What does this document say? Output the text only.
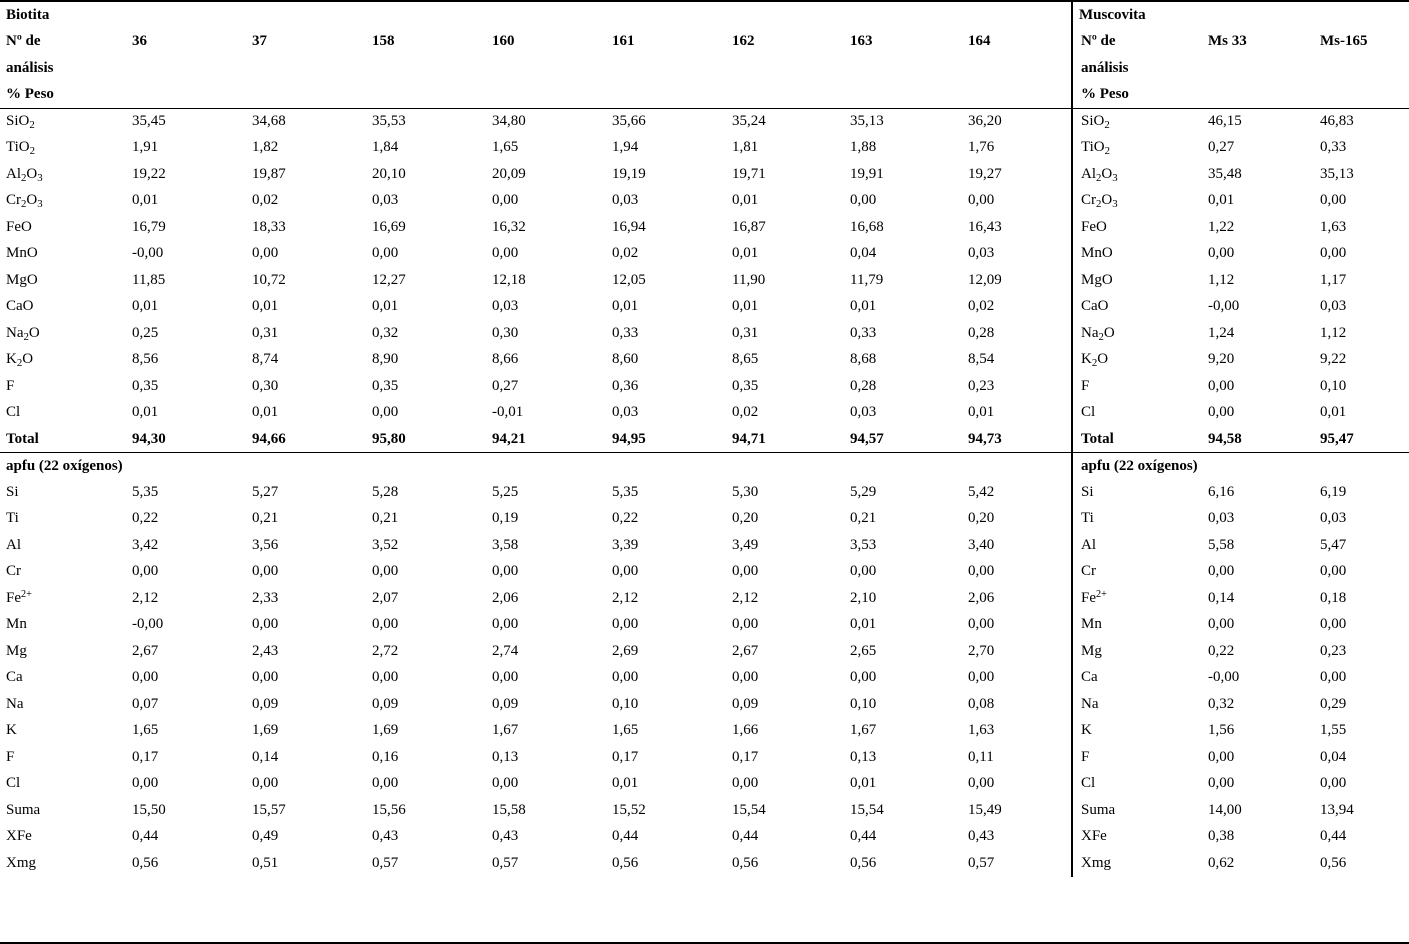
Biotita									Muscovita		
Nº de	36	37	158	160	161	162	163	164	Nº de	Ms 33	Ms-165
análisis									análisis		
% Peso									% Peso		
SiO$_2$	35,45	34,68	35,53	34,80	35,66	35,24	35,13	36,20	SiO$_2$	46,15	46,83
TiO$_2$	1,91	1,82	1,84	1,65	1,94	1,81	1,88	1,76	TiO$_2$	0,27	0,33
$Al_2O_3$	19,22	19,87	20,10	20,09	19,19	19,71	19,91	19,27	$Al_2O_3$	35,48	35,13
$Cr_2O_3$	0,01	0,02	0,03	0,00	0,03	0,01	0,00	0,00	$Cr_2O_3$	0,01	0,00
FeO	16,79	18,33	16,69	16,32	16,94	16,87	16,68	16,43	FeO	1,22	1,63
MnO	-0,00	0,00	0,00	0,00	0,02	0,01	0,04	0,03	MnO	0,00	0,00
MgO	11,85	10,72	12,27	12,18	12,05	11,90	11,79	12,09	MgO	1,12	1,17
CaO	0,01	0,01	0,01	0,03	0,01	0,01	0,01	0,02	CaO	-0,00	0,03
$Na_2O$	0,25	0,31	0,32	0,30	0,33	0,31	0,33	0,28	$Na_2O$	1,24	1,12
$K_2O$	8,56	8,74	8,90	8,66	8,60	8,65	8,68	8,54	$K_2O$	9,20	9,22
F	0,35	0,30	0,35	0,27	0,36	0,35	0,28	0,23	F	0,00	0,10
Cl	0,01	0,01	0,00	-0,01	0,03	0,02	0,03	0,01	Cl	0,00	0,01
Total	94,30	94,66	95,80	94,21	94,95	94,71	94,57	94,73	Total	94,58	95,47
apfu (22 oxígenos)									apfu (22 oxígenos)		
Si	5,35	5,27	5,28	5,25	5,35	5,30	5,29	5,42	Si	6,16	6,19
Ti	0,22	0,21	0,21	0,19	0,22	0,20	0,21	0,20	Ti	0,03	0,03
Al	3,42	3,56	3,52	3,58	3,39	3,49	3,53	3,40	Al	5,58	5,47
Cr	0,00	0,00	0,00	0,00	0,00	0,00	0,00	0,00	Cr	0,00	0,00
$Fe^{2+}$	2,12	2,33	2,07	2,06	2,12	2,12	2,10	2,06	$Fe^{2+}$	0,14	0,18
Mn	-0,00	0,00	0,00	0,00	0,00	0,00	0,01	0,00	Mn	0,00	0,00
Mg	2,67	2,43	2,72	2,74	2,69	2,67	2,65	2,70	Mg	0,22	0,23
Ca	0,00	0,00	0,00	0,00	0,00	0,00	0,00	0,00	Ca	-0,00	0,00
Na	0,07	0,09	0,09	0,09	0,10	0,09	0,10	0,08	Na	0,32	0,29
K	1,65	1,69	1,69	1,67	1,65	1,66	1,67	1,63	K	1,56	1,55
F	0,17	0,14	0,16	0,13	0,17	0,17	0,13	0,11	F	0,00	0,04
Cl	0,00	0,00	0,00	0,00	0,01	0,00	0,01	0,00	Cl	0,00	0,00
Suma	15,50	15,57	15,56	15,58	15,52	15,54	15,54	15,49	Suma	14,00	13,94
XFe	0,44	0,49	0,43	0,43	0,44	0,44	0,44	0,43	XFe	0,38	0,44
Xmg	0,56	0,51	0,57	0,57	0,56	0,56	0,56	0,57	Xmg	0,62	0,56
